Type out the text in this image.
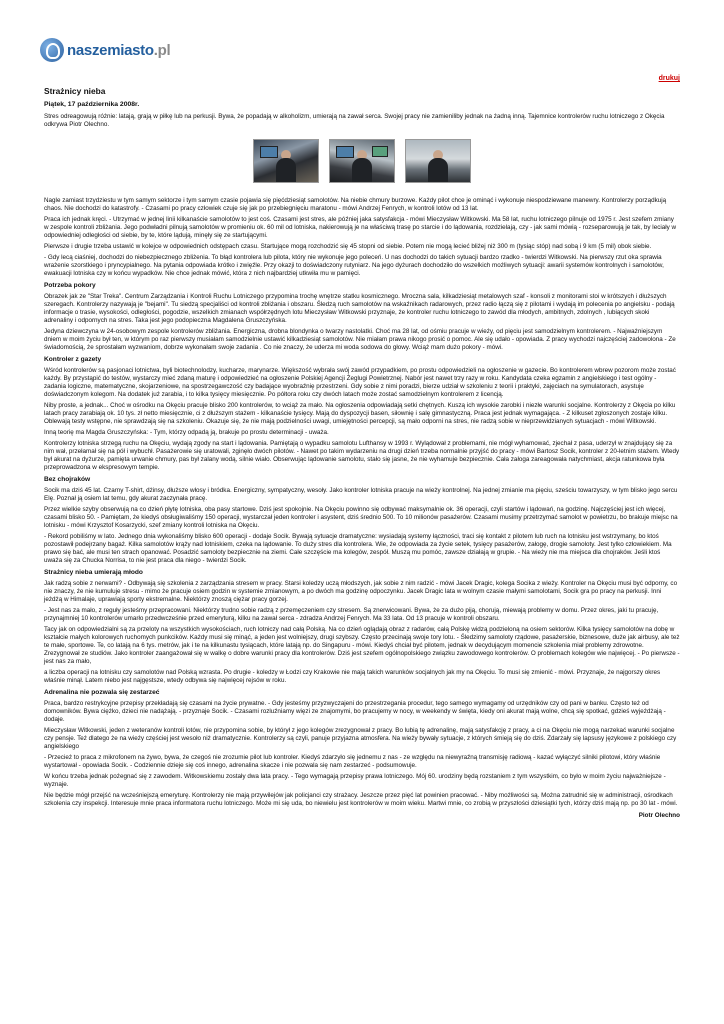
naszemiasto.pl
drukuj
Strażnicy nieba
Piątek, 17 października 2008r.

Stres odreagowują różnie: latają, grają w piłkę lub na perkusji. Bywa, że popadają w alkoholizm, umierają na zawał serca. Swojej pracy nie zamieniliby jednak na żadną inną. Tajemnice kontrolerów ruchu lotniczego z Okęcia odkrywa Piotr Olechno.

Nagle zamiast trzydziestu w tym samym sektorze i tym samym czasie pojawia się pięćdziesiąt samolotów. Na niebie chmury burzowe. Każdy pilot chce je ominąć i wykonuje niespodziewane manewry. Kontrolerzy porządkują chaos. Nie dochodzi do katastrofy. - Czasami po pracy człowiek czuje się jak po przebiegnięciu maratonu - mówi Andrzej Fenrych, w kontroli lotów od 13 lat.

Praca ich jednak kręci. - Utrzymać w jednej linii kilkanaście samolotów to jest coś. Czasami jest stres, ale później jaka satysfakcja - mówi Mieczysław Witkowski. Ma 58 lat, ruchu lotniczego pilnuje od 1975 r. Jest szefem zmiany w zespole kontroli zbliżania. Jego podwładni pilnują samolotów w promieniu ok. 60 mil od lotniska, nakierowują je na właściwą trasę po starcie i do lądowania, rozdzielają, czy - jak sami mówią - rozseparowują je tak, by leciały w odpowiedniej odległości od siebie, by te, które lądują, minęły się ze startującymi.

Pierwsze i drugie trzeba ustawić w kolejce w odpowiednich odstępach czasu. Startujące mogą rozchodzić się 45 stopni od siebie. Potem nie mogą lecieć bliżej niż 300 m (tysiąc stóp) nad sobą i 9 km (5 mil) obok siebie.

- Gdy lecą ciaśniej, dochodzi do niebezpiecznego zbliżenia. To błąd kontrolera lub pilota, który nie wykonuje jego poleceń. U nas dochodzi do takich sytuacji bardzo rzadko - twierdzi Witkowski. Na pierwszy rzut oka sprawia wrażenie szorstkiego i pryncypialnego. Na pytania odpowiada krótko i zwięźle. Przy okazji to doświadczony rutyniarz. Na jego dyżurach dochodziło do wszelkich możliwych sytuacji: awarii systemów kontrolnych i samolotów, ewakuacji lotniska czy w końcu wypadków. Nie chce jednak mówić, która z nich najbardziej utkwiła mu w pamięci.

Potrzeba pokory

Obrazek jak ze "Star Treka". Centrum Zarządzania i Kontroli Ruchu Lotniczego przypomina trochę wnętrze statku kosmicznego. Mroczna sala, kilkadziesiąt metalowych szaf - konsoli z monitorami stoi w krótszych i dłuższych szeregach. Kontrolerzy nazywają je "bejami". Tu siedzą specjaliści od kontroli zbliżania i obszaru. Śledzą ruch samolotów na wskaźnikach radarowych, przez radio łączą się z pilotami i wydają im polecenia po angielsku - podają informacje o trasie, wysokości, odległości, pogodzie, wszelkich zmianach współrzędnych lotu Mieczysław Witkowski przyznaje, że kontroler ruchu lotniczego to zawód dla młodych, ambitnych, zdolnych , lubiących skoki adrenaliny i odpornych na stres. Taka jest jego podopieczna Magdalena Gruszczyńska.

Jedyna dziewczyna w 24-osobowym zespole kontrolerów zbliżania. Energiczna, drobna blondynka o twarzy nastolatki. Choć ma 28 lat, od ośmiu pracuje w wieży, od pięciu jest samodzielnym kontrolerem. - Najważniejszym dniem w moim życiu był ten, w którym po raz pierwszy musiałam samodzielnie ustawić kilkadziesiąt samolotów. Nie miałam prawa nikogo prosić o pomoc. Ale się udało - opowiada. Z pracy wychodzi najczęściej zadowolona - Ze świadomością, że sprostałam wyzwaniom, dobrze wykonałam swoje zadania . Co nie znaczy, że uderza mi woda sodowa do głowy. Wciąż mam dużo pokory - mówi.

Kontroler z gazety

Wśród kontrolerów są pasjonaci lotnictwa, byli biotechnolodzy, kucharze, marynarze. Większość wybrała swój zawód przypadkiem, po prostu odpowiedzieli na ogłoszenie w gazecie. Bo kontrolerem wbrew pozorom może zostać każdy. By przystąpić do testów, wystarczy mieć zdaną maturę i odpowiedzieć na ogłoszenie Polskiej Agencji Żeglugi Powietrznej. Nabór jest nawet trzy razy w roku. Kandydata czeka egzamin z angielskiego i test ogólny - zadania logiczne, matematyczne, skojarzeniowe, na spostrzegawczość czy badające wyobraźnię przestrzeni. Gdy sobie z nimi poradzi, bierze udział w szkoleniu z teorii i praktyki, zajęciach na symulatorach, asystuje doświadczonym kolegom. Na dodatek już zarabia, i to kilka tysięcy miesięcznie. Po półtora roku czy dwóch latach może zostać samodzielnym kontrolerem z licencją.

Niby proste, a jednak... Choć w ośrodku na Okęciu pracuje blisko 200 kontrolerów, to wciąż za mało. Na ogłoszenia odpowiadają setki chętnych. Kuszą ich wysokie zarobki i niezłe warunki socjalne. Kontrolerzy z Okęcia po kilku latach pracy zarabiają ok. 10 tys. zł netto miesięcznie, ci z dłuższym stażem - kilkanaście tysięcy. Mają do dyspozycji basen, siłownię i salę gimnastyczną. Praca jest jednak wymagająca. - Z kilkuset zgłoszonych zostaje kilku. Oblewają testy wstępne, nie sprawdzają się na szkoleniu. Okazuje się, że nie mają podzielności uwagi, umiejętności percepcji, są mało odporni na stres, nie radzą sobie w nieprzewidzianych sytuacjach - mówi Witkowski.

Inną teorię ma Magda Gruszczyńska: - Tym, którzy odpadą ją, brakuje po prostu determinacji - uważa.

Kontrolerzy lotniska strzegą ruchu na Okęciu, wydają zgody na start i lądowania. Pamiętają o wypadku samolotu Lufthansy w 1993 r. Wylądował z problemami, nie mógł wyhamować, zjechał z pasa, uderzył w znajdujący się za nim wał, przełamał się na pół i wybuchł. Pasażerowie się uratowali, zginęło dwóch pilotów. - Nawet po takim wydarzeniu na drugi dzień trzeba normalnie przyjść do pracy - mówi Bartosz Socik, kontroler z 20-letnim stażem. Wtedy był akurat na dyżurze, pamięta urwanie chmury, pas był zalany wodą, silnie wiało. Obserwując lądowanie samolotu, stało się jasne, że nie wyhamuje bezpiecznie. Cała załoga zareagowała natychmiast, akcja ratunkowa była przeprowadzona w ekspresowym tempie.

Bez chojraków

Socik ma dziś 45 lat. Czarny T-shirt, dżinsy, dłuższe włosy i bródka. Energiczny, sympatyczny, wesoły. Jako kontroler lotniska pracuje na wieży kontrolnej. Na jednej zmianie ma pięciu, sześciu towarzyszy, w tym blisko jego sercu Elę. Poznał ją osiem lat temu, gdy akurat zaczynała pracę.

Przez wielkie szyby obserwują na co dzień płytę lotniska, oba pasy startowe. Dziś jest spokojnie. Na Okęciu powinno się odbywać maksymalnie ok. 36 operacji, czyli startów i lądowań, na godzinę. Najczęściej jest ich więcej, czasami blisko 50. - Pamiętam, że kiedyś obsługiwaliśmy 150 operacji, wystarczał jeden kontroler i asystent, dziś średnio 500. To 10 milionów pasażerów. Czasami musimy przetrzymać samolot w powietrzu, bo brakuje miejsc na lotnisku - mówi Krzysztof Kosarzycki, szef zmiany kontroli lotniska na Okęciu.

- Rekord pobiliśmy w lato. Jednego dnia wykonaliśmy blisko 600 operacji - dodaje Socik. Bywają sytuacje dramatyczne: wysiadają systemy łączności, traci się kontakt z pilotem lub ruch na lotnisku jest wstrzymany, bo ktoś pozostawił podejrzany bagaż. Kilka samolotów krąży nad lotniskiem, czeka na lądowanie. To duży stres dla kontrolera. Wie, że odpowiada za życie setek, tysięcy pasażerów, załogę, drogie samoloty. Jest tylko człowiekiem. Ma prawo się bać, ale musi ten strach opanować. Posadzić samoloty bezpiecznie na ziemi. Całe szczęście ma kolegów, zespół. Muszą mu pomóc, zawsze działają w grupie. - Na wieży nie ma miejsca dla chojraków. Jeśli ktoś uważa się za Chucka Norrisa, to nie jest praca dla niego - twierdzi Socik.

Strażnicy nieba umierają młodo

Jak radzą sobie z nerwami? - Odbywają się szkolenia z zarządzania stresem w pracy. Starsi koledzy uczą młodszych, jak sobie z nim radzić - mówi Jacek Dragic, kolega Socika z wieży. Kontroler na Okęciu musi być odporny, co nie znaczy, że nie kumuluje stresu - mimo że pracuje osiem godzin w systemie zmianowym, a po dwóch ma godzinę odpoczynku. Jacek Dragic lata w wolnym czasie małymi samolotami, Socik gra po pracy na perkusji. Inni jeżdżą w Himalaje, uprawiają sporty ekstremalne. Niektórzy znoszą ciężar pracy gorzej.

- Jest nas za mało, z reguły jesteśmy przepracowani. Niektórzy trudno sobie radzą z przemęczeniem czy stresem. Są znerwicowani. Bywa, że za dużo piją, chorują, miewają problemy w domu. Przez okres, jaki tu pracuję, przynajmniej 10 kontrolerów umarło przedwcześnie przed emeryturą, kilku na zawał serca - zdradza Andrzej Fenrych. Ma 33 lata. Od 13 pracuje w kontroli obszaru.

Tacy jak on odpowiedzialni są za przeloty na wszystkich wysokościach, ruch lotniczy nad całą Polską. Na co dzień oglądają obraz z radarów, całą Polskę widzą podzieloną na osiem sektorów. Kilka tysięcy samolotów na dobę w kształcie małych kolorowych ruchomych punkcików. Każdy musi się minąć, a jeden jest wolniejszy, drugi szybszy. Często przecinają swoje tory lotu. - Śledzimy samoloty rządowe, pasażerskie, biznesowe, duże jak airbusy, ale też te małe, sportowe. Te, co latają na 6 tys. metrów, jak i te na kilkunastu tysiącach, które latają np. do Singapuru - mówi. Kiedyś chciał być pilotem, jednak w decydującym momencie szkolenia miał problemy zdrowotne. Zrezygnował ze studiów. Jako kontroler zaangażował się w walkę o dobre warunki pracy dla kontrolerów. Dziś jest szefem ogólnopolskiego związku zawodowego kontrolerów. O problemach kolegów wie najwięcej. - Po pierwsze - jest nas za mało,

a liczba operacji na lotnisku czy samolotów nad Polską wzrasta. Po drugie - koledzy w Łodzi czy Krakowie nie mają takich warunków socjalnych jak my na Okęciu. To musi się zmienić - mówi. Przyznaje, że najgorszy okres właśnie minął. Latem niebo jest najgęstsze, wtedy odbywa się najwięcej rejsów w roku.

Adrenalina nie pozwala się zestarzeć

Praca, bardzo restrykcyjne przepisy przekładają się czasami na życie prywatne. - Gdy jesteśmy przyzwyczajeni do przestrzegania procedur, tego samego wymagamy od urzędników czy od pani w banku. Często też od domowników. Bywa ciężko, dzieci nie nadążają. - przyznaje Socik. - Czasami rozluźniamy więzi ze znajomymi, bo pracujemy w nocy, w weekendy w święta, kiedy oni akurat mają wolne, chcą się spotkać, gdzieś wyjeżdżają - dodaje.

Mieczysław Witkowski, jeden z weteranów kontroli lotów, nie przypomina sobie, by którył z jego kolegów zrezygnował z pracy. Bo lubią tę adrenalinę, mają satysfakcję z pracy, a ci na Okęciu nie mogą narzekać warunki socjalne czy pensje. Też dlatego że na wieży częściej jest wesoło niż dramatycznie. Kontrolerzy są czyli, panuje przyjazna atmosfera. Na wieży bywały sytuacje, z których śmieją się do dziś. Zdarzały się lapsusy językowe z polskiego czy angielskiego

- Przecież to praca z mikrofonem na żywo, bywa, że czegoś nie zrozumie pilot lub kontroler. Kiedyś zdarzyło się jednemu z nas - ze względu na niewyraźną transmisję radiową - kazać wyłączyć silniki pilotowi, który właśnie wystartował - opowiada Socik. - Codziennie dzieje się coś innego, adrenalina skacze i nie pozwala się nam zestarzeć - podsumowuje.

W końcu trzeba jednak pożegnać się z zawodem. Witkowskiemu zostały dwa lata pracy. - Tego wymagają przepisy prawa lotniczego. Mój 60. urodziny będą rozstaniem z tym wszystkim, co było w moim życiu najważniejsze - wyznaje.

Nie będzie mógł przejść na wcześniejszą emeryturę. Kontrolerzy nie mają przywilejów jak policjanci czy strażacy. Jeszcze przez pięć lat powinien pracować. - Niby możliwości są. Można zatrudnić się w administracji, ośrodkach szkolenia czy inspekcji. Interesuje mnie praca informatora ruchu lotniczego. Może mi się uda, bo niewielu jest kontrolerów w moim wieku. Martwi mnie, co zrobią w przyszłości dziesiątki tych, którzy dziś mają np. po 30 lat - mówi.

Piotr Olechno
